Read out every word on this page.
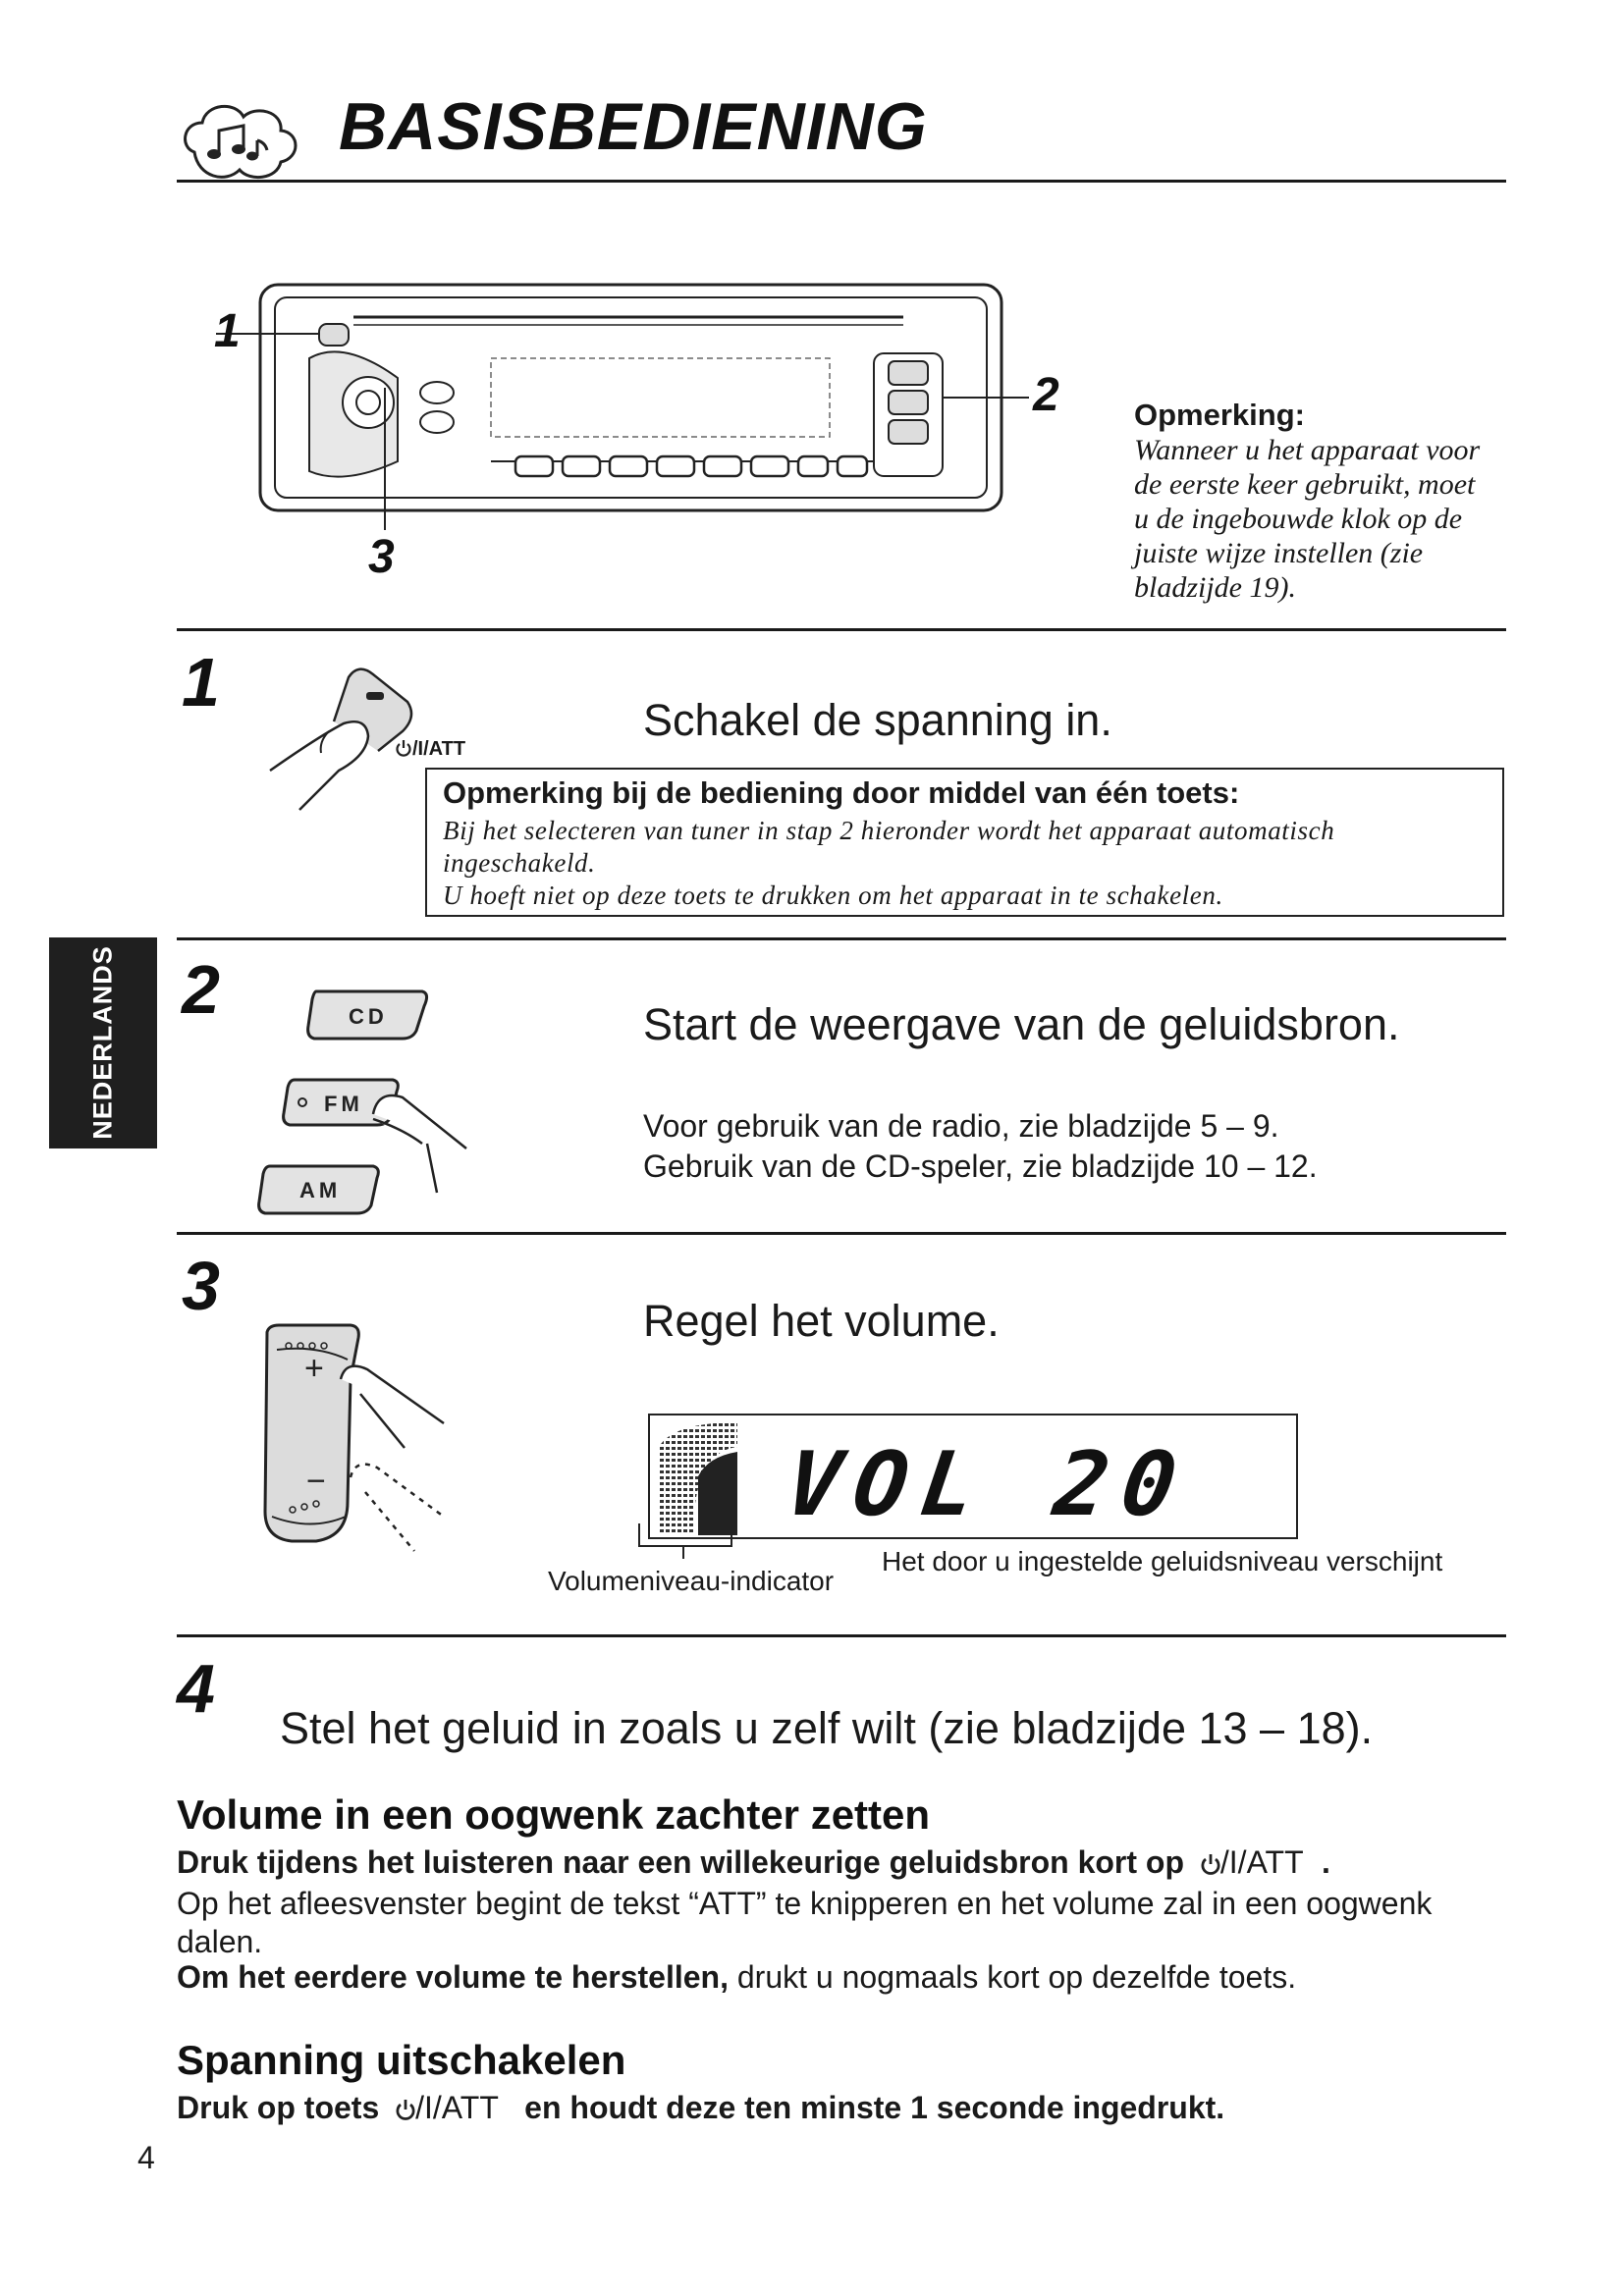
BASISBEDIENING
NEDERLANDS
1
2
3
Opmerking:
Wanneer u het apparaat voor
de eerste keer gebruikt, moet
u de ingebouwde klok op de
juiste wijze instellen (zie
bladzijde 19).
1
/I/ATT
Schakel de spanning in.
Opmerking bij de bediening door middel van één toets:
Bij het selecteren van tuner in stap 2 hieronder wordt het apparaat automatisch
ingeschakeld.
U hoeft niet op deze toets te drukken om het apparaat in te schakelen.
2	CD
FM
AM
Start de weergave van de geluidsbron.
Voor gebruik van de radio, zie bladzijde 5 – 9.
Gebruik van de CD-speler, zie bladzijde 10 – 12.
3
+
−
Regel het volume.
VOL 20
Volumeniveau-indicator
Het door u ingestelde geluidsniveau verschijnt
4
Stel het geluid in zoals u zelf wilt (zie bladzijde 13 – 18).
Volume in een oogwenk zachter zetten
Druk tijdens het luisteren naar een willekeurige geluidsbron kort op /I/ATT .
Op het afleesvenster begint de tekst “ATT” te knipperen en het volume zal in een oogwenk dalen.
Om het eerdere volume te herstellen, drukt u nogmaals kort op dezelfde toets.
Spanning uitschakelen
Druk op toets /I/ATT en houdt deze ten minste 1 seconde ingedrukt.
4
